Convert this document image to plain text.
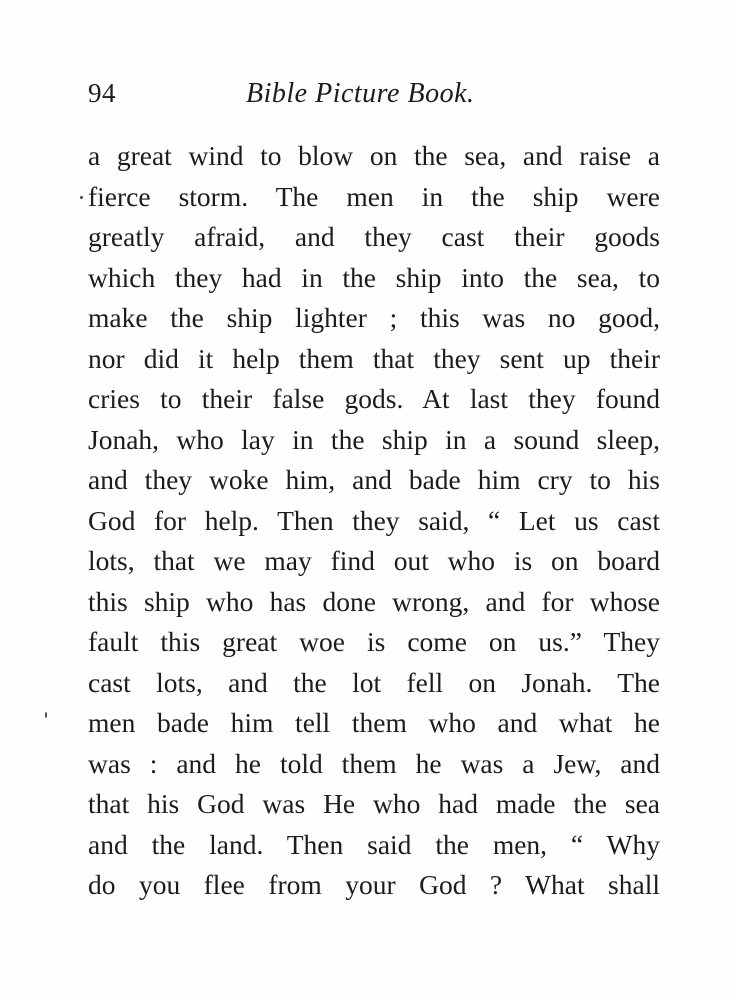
94	Bible Picture Book.
a great wind to blow on the sea, and raise a
fierce storm. The men in the ship were
greatly afraid, and they cast their goods
which they had in the ship into the sea, to
make the ship lighter ; this was no good,
nor did it help them that they sent up their
cries to their false gods. At last they found
Jonah, who lay in the ship in a sound sleep,
and they woke him, and bade him cry to his
God for help. Then they said, “ Let us cast
lots, that we may find out who is on board
this ship who has done wrong, and for whose
fault this great woe is come on us.” They
cast lots, and the lot fell on Jonah. The
men bade him tell them who and what he
was : and he told them he was a Jew, and
that his God was He who had made the sea
and the land. Then said the men, “ Why
do you flee from your God ? What shall
